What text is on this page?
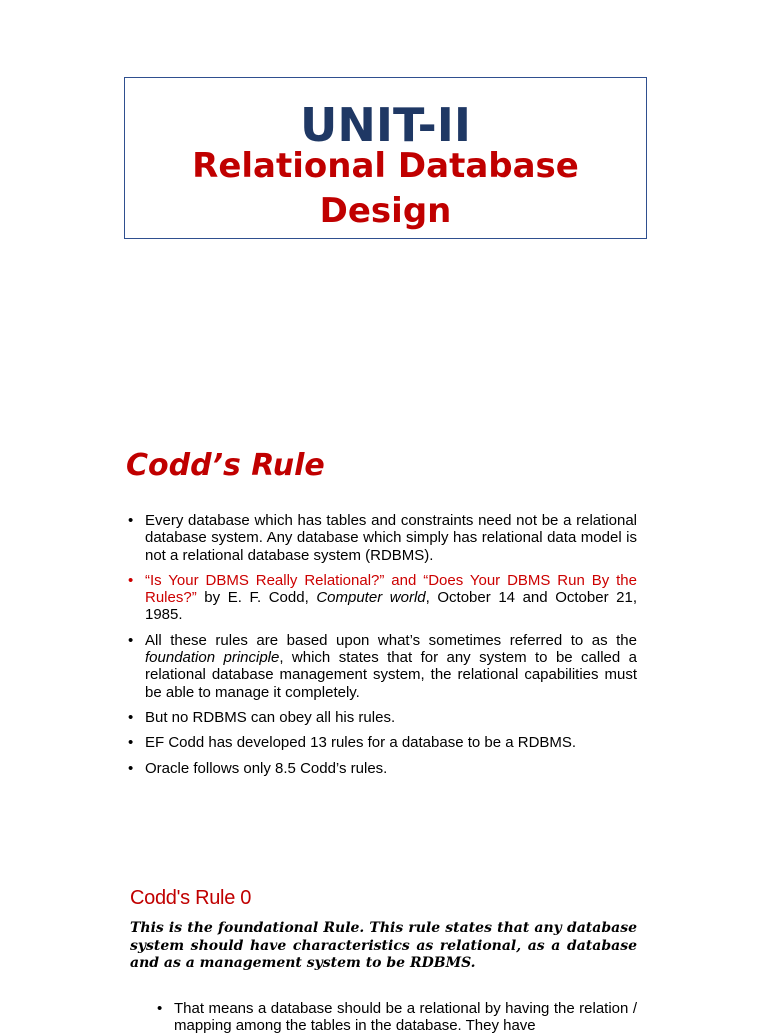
UNIT-II
Relational Database Design
Codd’s Rule
• Every database which has tables and constraints need not be a relational database system. Any database which simply has relational data model is not a relational database system (RDBMS).
• “Is Your DBMS Really Relational?” and “Does Your DBMS Run By the Rules?” by E. F. Codd, Computer world, October 14 and October 21, 1985.
• All these rules are based upon what’s sometimes referred to as the foundation principle, which states that for any system to be called a relational database management system, the relational capabilities must be able to manage it completely.
• But no RDBMS can obey all his rules.
• EF Codd has developed 13 rules for a database to be a RDBMS.
• Oracle follows only 8.5 Codd’s rules.
Codd's Rule 0

This is the foundational Rule. This rule states that any database system should have characteristics as relational, as a database and as a management system to be RDBMS.

• That means a database should be a relational by having the relation / mapping among the tables in the database. They have
